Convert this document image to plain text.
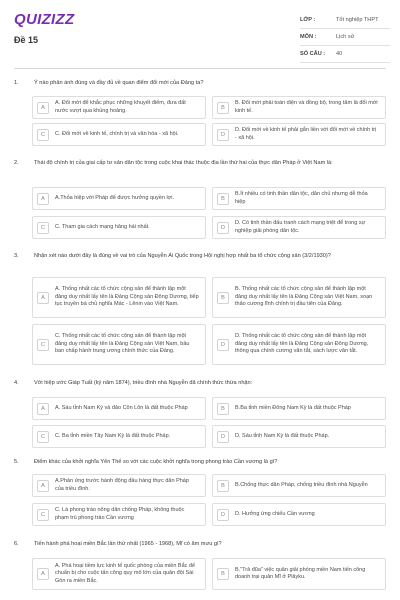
QUIZIZZ
Đề 15
LỚP :	Tốt nghiệp THPT
MÔN :	Lịch sử
SỐ CÂU :	40
1.	Ý nào phản ánh đúng và đầy đủ về quan điểm đổi mới của Đảng ta?
A
A. Đổi mới để khắc phục những khuyết điểm, đưa đất nước vượt qua khủng hoảng.	B
B. Đổi mới phải toàn diện và đồng bộ, trong tâm là đổi mới kinh tế.
C	C. Đổi mới về kinh tế, chính trị và văn hóa - xã hội.	D
D. Đổi mới về kinh tế phải gắn liền với đổi mới về chính trị - xã hội.
2.	Thái độ chính trị của giai cấp tư sản dân tộc trong cuộc khai thác thuộc địa lần thứ hai của thực dân Pháp ở Việt Nam là:
A	A.Thỏa hiệp với Pháp để được hưởng quyền lợi.	B
B.Ít nhiều có tinh thần dân tộc, dân chủ nhưng dễ thỏa hiệp
C	C. Tham gia cách mạng hăng hái nhất.	D
D. Có tinh thần đấu tranh cách mạng triệt để trong sự nghiệp giải phóng dân tộc.
3.	Nhận xét nào dưới đây là đúng về vai trò của Nguyễn Ái Quốc trong Hội nghị hợp nhất ba tổ chức cộng sản (3/2/1930)?
A
A. Thống nhất các tổ chức cộng sản để thành lập một đảng duy nhất lấy tên là Đảng Cộng sản Đông Dương, tiếp tục truyền bá chủ nghĩa Mác - Lênin vào Việt Nam.
B
B. Thống nhất các tổ chức cộng sản để thành lập một đảng duy nhất lấy tên là Đảng Cộng sản Việt Nam, soạn thảo cương lĩnh chính trị đầu tiên của Đảng.
C
C. Thống nhất các tổ chức cộng sản để thành lập một đảng duy nhất lấy tên là Đảng Cộng sản Việt Nam, bầu ban chấp hành trung ương chính thức của Đảng.
D
D. Thống nhất các tổ chức cộng sản để thành lập một đảng duy nhất lấy tên là Đảng Cộng sản Đông Dương, thông qua chính cương văn tắt, sách lược văn tắt.
4.	Với hiệp ước Giáp Tuất (ký năm 1874), triều đình nhà Nguyễn đã chính thức thừa nhận:
A	A. Sáu tỉnh Nam Kỳ và đảo Côn Lôn là đất thuộc Pháp	B	B.Ba tỉnh miền Đông Nam Kỳ là đất thuộc Pháp
C	C. Ba tỉnh miền Tây Nam Kỳ là đất thuộc Pháp.	D	D. Sáu tỉnh Nam Kỳ là đất thuộc Pháp.
5.	Điểm khác của khởi nghĩa Yên Thế so với các cuộc khởi nghĩa trong phong trào Cần vương là gì?
A
A.Phản ứng trước hành động đầu hàng thực dân Pháp của triều đình.	B	B.Chống thực dân Pháp, chống triều đình nhà Nguyễn
C
C. Là phong trào nông dân chống Pháp, không thuộc phạm trù phong trào Cần vương	D	D. Hưởng ứng chiếu Cần vương
6.	Tiến hành phá hoại miền Bắc lần thứ nhất (1965 - 1968), Mĩ có âm mưu gì?
A
A. Phá hoại tiềm lực kinh tế quốc phòng của miền Bắc để chuẩn bị cho cuộc tấn công quy mô lớn của quân đội Sài Gòn ra miền Bắc.
B
B."Trả đũa" việc quân giải phóng miền Nam tiến công doanh trại quân Mĩ ở Plâyku.
